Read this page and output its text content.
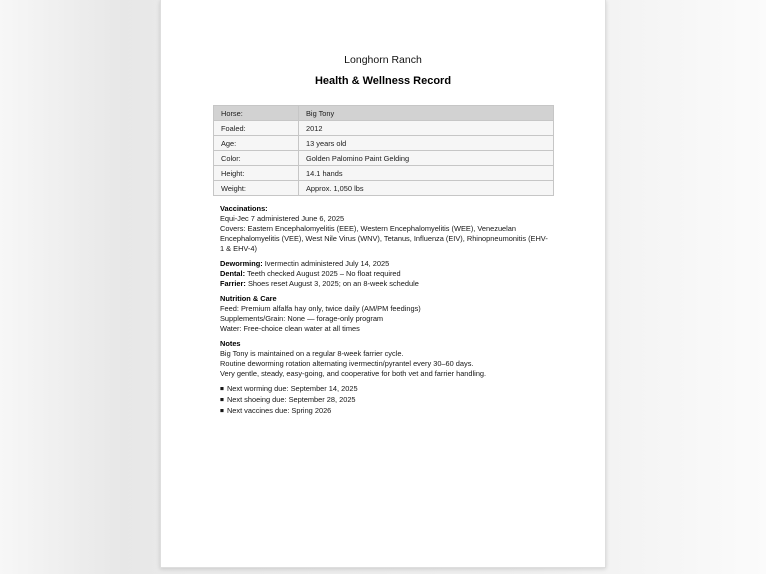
Longhorn Ranch
Health & Wellness Record
Horse:	Big Tony
Foaled:	2012
Age:	13 years old
Color:	Golden Palomino Paint Gelding
Height:	14.1 hands
Weight:	Approx. 1,050 lbs

Vaccinations:

Equi-Jec 7 administered June 6, 2025

Covers: Eastern Encephalomyelitis (EEE), Western Encephalomyelitis (WEE), Venezuelan Encephalomyelitis (VEE), West Nile Virus (WNV), Tetanus, Influenza (EIV), Rhinopneumonitis (EHV-1 & EHV-4)

Deworming: Ivermectin administered July 14, 2025

Dental: Teeth checked August 2025 – No float required

Farrier: Shoes reset August 3, 2025; on an 8-week schedule

Nutrition & Care

Feed: Premium alfalfa hay only, twice daily (AM/PM feedings)

Supplements/Grain: None — forage-only program

Water: Free-choice clean water at all times

Notes

Big Tony is maintained on a regular 8-week farrier cycle.

Routine deworming rotation alternating ivermectin/pyrantel every 30–60 days.

Very gentle, steady, easy-going, and cooperative for both vet and farrier handling.

■ Next worming due: September 14, 2025

■ Next shoeing due: September 28, 2025

■ Next vaccines due: Spring 2026
